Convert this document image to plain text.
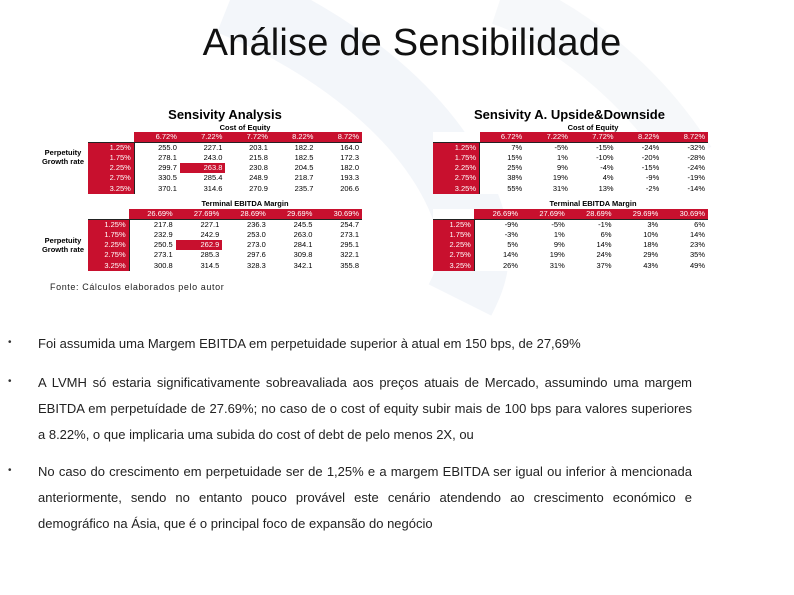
Análise de Sensibilidade
Sensivity Analysis
Cost of Equity
Perpetuity
Growth rate
	6.72%	7.22%	7.72%	8.22%	8.72%
1.25%	255.0	227.1	203.1	182.2	164.0
1.75%	278.1	243.0	215.8	182.5	172.3
2.25%	299.7	263.8	230.8	204.5	182.0
2.75%	330.5	285.4	248.9	218.7	193.3
3.25%	370.1	314.6	270.9	235.7	206.6
Terminal EBITDA Margin
Perpetuity
Growth rate
	26.69%	27.69%	28.69%	29.69%	30.69%
1.25%	217.8	227.1	236.3	245.5	254.7
1.75%	232.9	242.9	253.0	263.0	273.1
2.25%	250.5	262.9	273.0	284.1	295.1
2.75%	273.1	285.3	297.6	309.8	322.1
3.25%	300.8	314.5	328.3	342.1	355.8
Sensivity A. Upside&Downside
Cost of Equity
	6.72%	7.22%	7.72%	8.22%	8.72%
1.25%	7%	-5%	-15%	-24%	-32%
1.75%	15%	1%	-10%	-20%	-28%
2.25%	25%	9%	-4%	-15%	-24%
2.75%	38%	19%	4%	-9%	-19%
3.25%	55%	31%	13%	-2%	-14%
Terminal EBITDA Margin
	26.69%	27.69%	28.69%	29.69%	30.69%
1.25%	-9%	-5%	-1%	3%	6%
1.75%	-3%	1%	6%	10%	14%
2.25%	5%	9%	14%	18%	23%
2.75%	14%	19%	24%	29%	35%
3.25%	26%	31%	37%	43%	49%
Fonte: Cálculos elaborados pelo autor
• Foi assumida uma Margem EBITDA em perpetuidade superior à atual em 150 bps, de 27,69%
• A LVMH só estaria significativamente sobreavaliada aos preços atuais de Mercado, assumindo uma margem EBITDA em perpetuídade de 27.69%; no caso de o cost of equity subir mais de 100 bps para valores superiores a 8.22%, o que implicaria uma subida do cost of debt de pelo menos 2X, ou
• No caso do crescimento em perpetuidade ser de 1,25% e a margem EBITDA ser igual ou inferior à mencionada anteriormente, sendo no entanto pouco provável este cenário atendendo ao crescimento económico e demográfico na Ásia, que é o principal foco de expansão do negócio
